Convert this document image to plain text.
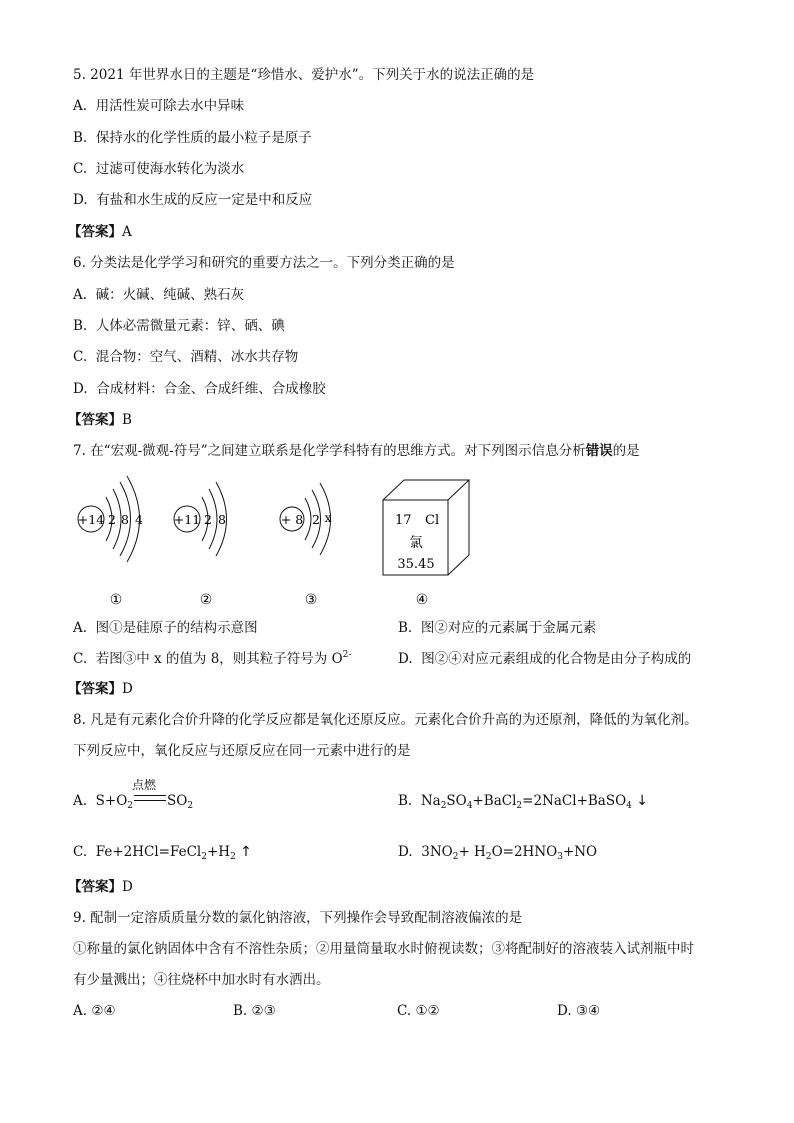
5. 2021 年世界水日的主题是“珍惜水、爱护水”。下列关于水的说法正确的是
A. 用活性炭可除去水中异味
B. 保持水的化学性质的最小粒子是原子
C. 过滤可使海水转化为淡水
D. 有盐和水生成的反应一定是中和反应
【答案】A
6. 分类法是化学学习和研究的重要方法之一。下列分类正确的是
A. 碱：火碱、纯碱、熟石灰
B. 人体必需微量元素：锌、硒、碘
C. 混合物：空气、酒精、冰水共存物
D. 合成材料：合金、合成纤维、合成橡胶
【答案】B
7. 在“宏观-微观-符号”之间建立联系是化学学科特有的思维方式。对下列图示信息分析错误的是
+14	+11	+ 8
2 8 4	2 8	2 x	17 Cl
氯
35.45
①	②	③	④
A. 图①是硅原子的结构示意图	B. 图②对应的元素属于金属元素
C. 若图③中 x 的值为 8，则其粒子符号为 $O^{2-}$	D. 图②④对应元素组成的化合物是由分子构成的
【答案】D
8. 凡是有元素化合价升降的化学反应都是氧化还原反应。元素化合价升高的为还原剂，降低的为氧化剂。
下列反应中，氧化反应与还原反应在同一元素中进行的是
点燃
A. $S+O_2$	$SO_2$	B. $Na_2SO_4+BaCl_2=2NaCl+BaSO_4$ ↓
C. $Fe+2HCl=FeCl_2+H_2$ ↑	D. $3NO_2+ H_2O=2HNO_3+NO$
【答案】D
9. 配制一定溶质质量分数的氯化钠溶液，下列操作会导致配制溶液偏浓的是
①称量的氯化钠固体中含有不溶性杂质；②用量筒量取水时俯视读数；③将配制好的溶液装入试剂瓶中时
有少量溅出；④往烧杯中加水时有水洒出。
A. ②④	B. ②③	C. ①②	D. ③④
